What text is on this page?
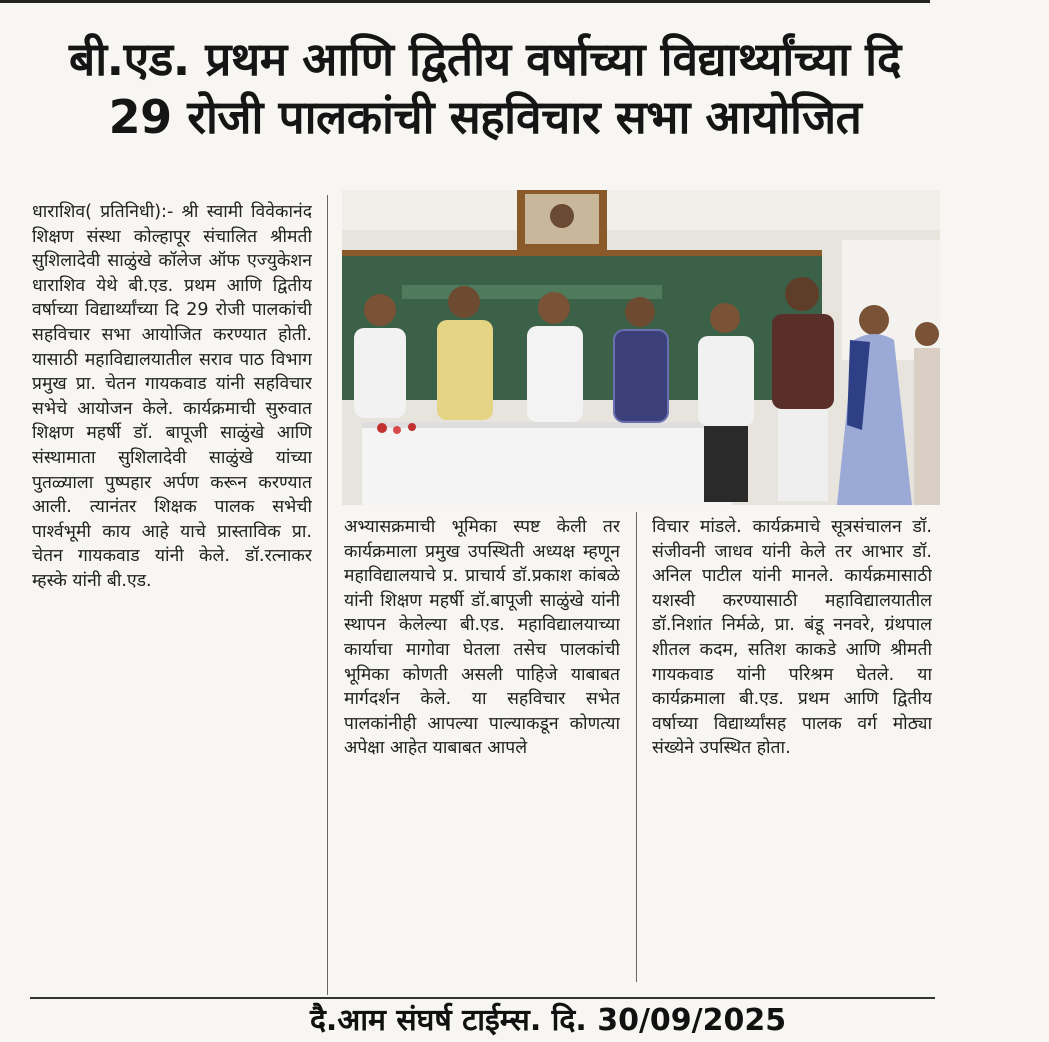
बी.एड. प्रथम आणि द्वितीय वर्षाच्या विद्यार्थ्यांच्या दि
29 रोजी पालकांची सहविचार सभा आयोजित
धाराशिव( प्रतिनिधी):- श्री स्वामी विवेकानंद शिक्षण संस्था कोल्हापूर संचालित श्रीमती सुशिलादेवी साळुंखे कॉलेज ऑफ एज्युकेशन धाराशिव येथे बी.एड. प्रथम आणि द्वितीय वर्षाच्या विद्यार्थ्यांच्या दि 29 रोजी पालकांची सहविचार सभा आयोजित करण्यात होती. यासाठी महाविद्यालयातील सराव पाठ विभाग प्रमुख प्रा. चेतन गायकवाड यांनी सहविचार सभेचे आयोजन केले. कार्यक्रमाची सुरुवात शिक्षण महर्षी डॉ. बापूजी साळुंखे आणि संस्थामाता सुशिलादेवी साळुंखे यांच्या पुतळ्याला पुष्पहार अर्पण करून करण्यात आली. त्यानंतर शिक्षक पालक सभेची पार्श्वभूमी काय आहे याचे प्रास्ताविक प्रा. चेतन गायकवाड यांनी केले. डॉ.रत्नाकर म्हस्के यांनी बी.एड.
अभ्यासक्रमाची भूमिका स्पष्ट केली तर कार्यक्रमाला प्रमुख उपस्थिती अध्यक्ष म्हणून महाविद्यालयाचे प्र. प्राचार्य डॉ.प्रकाश कांबळे यांनी शिक्षण महर्षी डॉ.बापूजी साळुंखे यांनी स्थापन केलेल्या बी.एड. महाविद्यालयाच्या कार्याचा मागोवा घेतला तसेच पालकांची भूमिका कोणती असली पाहिजे याबाबत मार्गदर्शन केले. या सहविचार सभेत पालकांनीही आपल्या पाल्याकडून कोणत्या अपेक्षा आहेत याबाबत आपले
विचार मांडले. कार्यक्रमाचे सूत्रसंचालन डॉ. संजीवनी जाधव यांनी केले तर आभार डॉ. अनिल पाटील यांनी मानले. कार्यक्रमासाठी यशस्वी करण्यासाठी महाविद्यालयातील डॉ.निशांत निर्मळे, प्रा. बंडू ननवरे, ग्रंथपाल शीतल कदम, सतिश काकडे आणि श्रीमती गायकवाड यांनी परिश्रम घेतले. या कार्यक्रमाला बी.एड. प्रथम आणि द्वितीय वर्षाच्या विद्यार्थ्यांसह पालक वर्ग मोठ्या संख्येने उपस्थित होता.
दै.आम संघर्ष टाईम्स. दि. 30/09/2025
